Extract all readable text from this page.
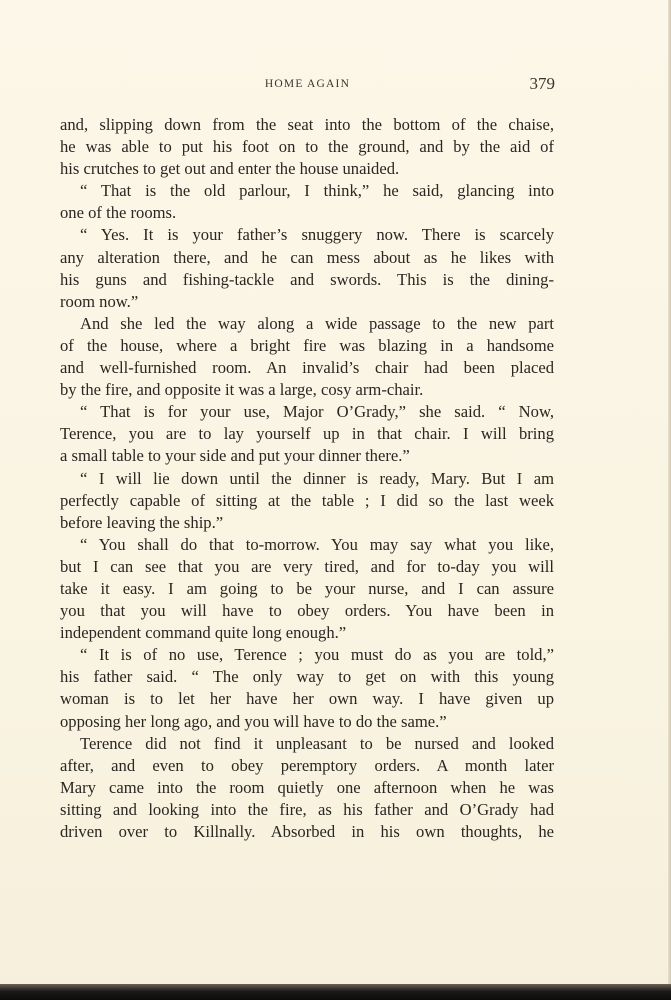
HOME AGAIN	379
and, slipping down from the seat into the bottom of the chaise,
he was able to put his foot on to the ground, and by the aid of
his crutches to get out and enter the house unaided.
“ That is the old parlour, I think,” he said, glancing into
one of the rooms.
“ Yes. It is your father’s snuggery now. There is scarcely
any alteration there, and he can mess about as he likes with
his guns and fishing-tackle and swords. This is the dining-
room now.”
And she led the way along a wide passage to the new part
of the house, where a bright fire was blazing in a handsome
and well-furnished room. An invalid’s chair had been placed
by the fire, and opposite it was a large, cosy arm-chair.
“ That is for your use, Major O’Grady,” she said. “ Now,
Terence, you are to lay yourself up in that chair. I will bring
a small table to your side and put your dinner there.”
“ I will lie down until the dinner is ready, Mary. But I am
perfectly capable of sitting at the table ; I did so the last week
before leaving the ship.”
“ You shall do that to-morrow. You may say what you like,
but I can see that you are very tired, and for to-day you will
take it easy. I am going to be your nurse, and I can assure
you that you will have to obey orders. You have been in
independent command quite long enough.”
“ It is of no use, Terence ; you must do as you are told,”
his father said. “ The only way to get on with this young
woman is to let her have her own way. I have given up
opposing her long ago, and you will have to do the same.”
Terence did not find it unpleasant to be nursed and looked
after, and even to obey peremptory orders. A month later
Mary came into the room quietly one afternoon when he was
sitting and looking into the fire, as his father and O’Grady had
driven over to Killnally. Absorbed in his own thoughts, he
